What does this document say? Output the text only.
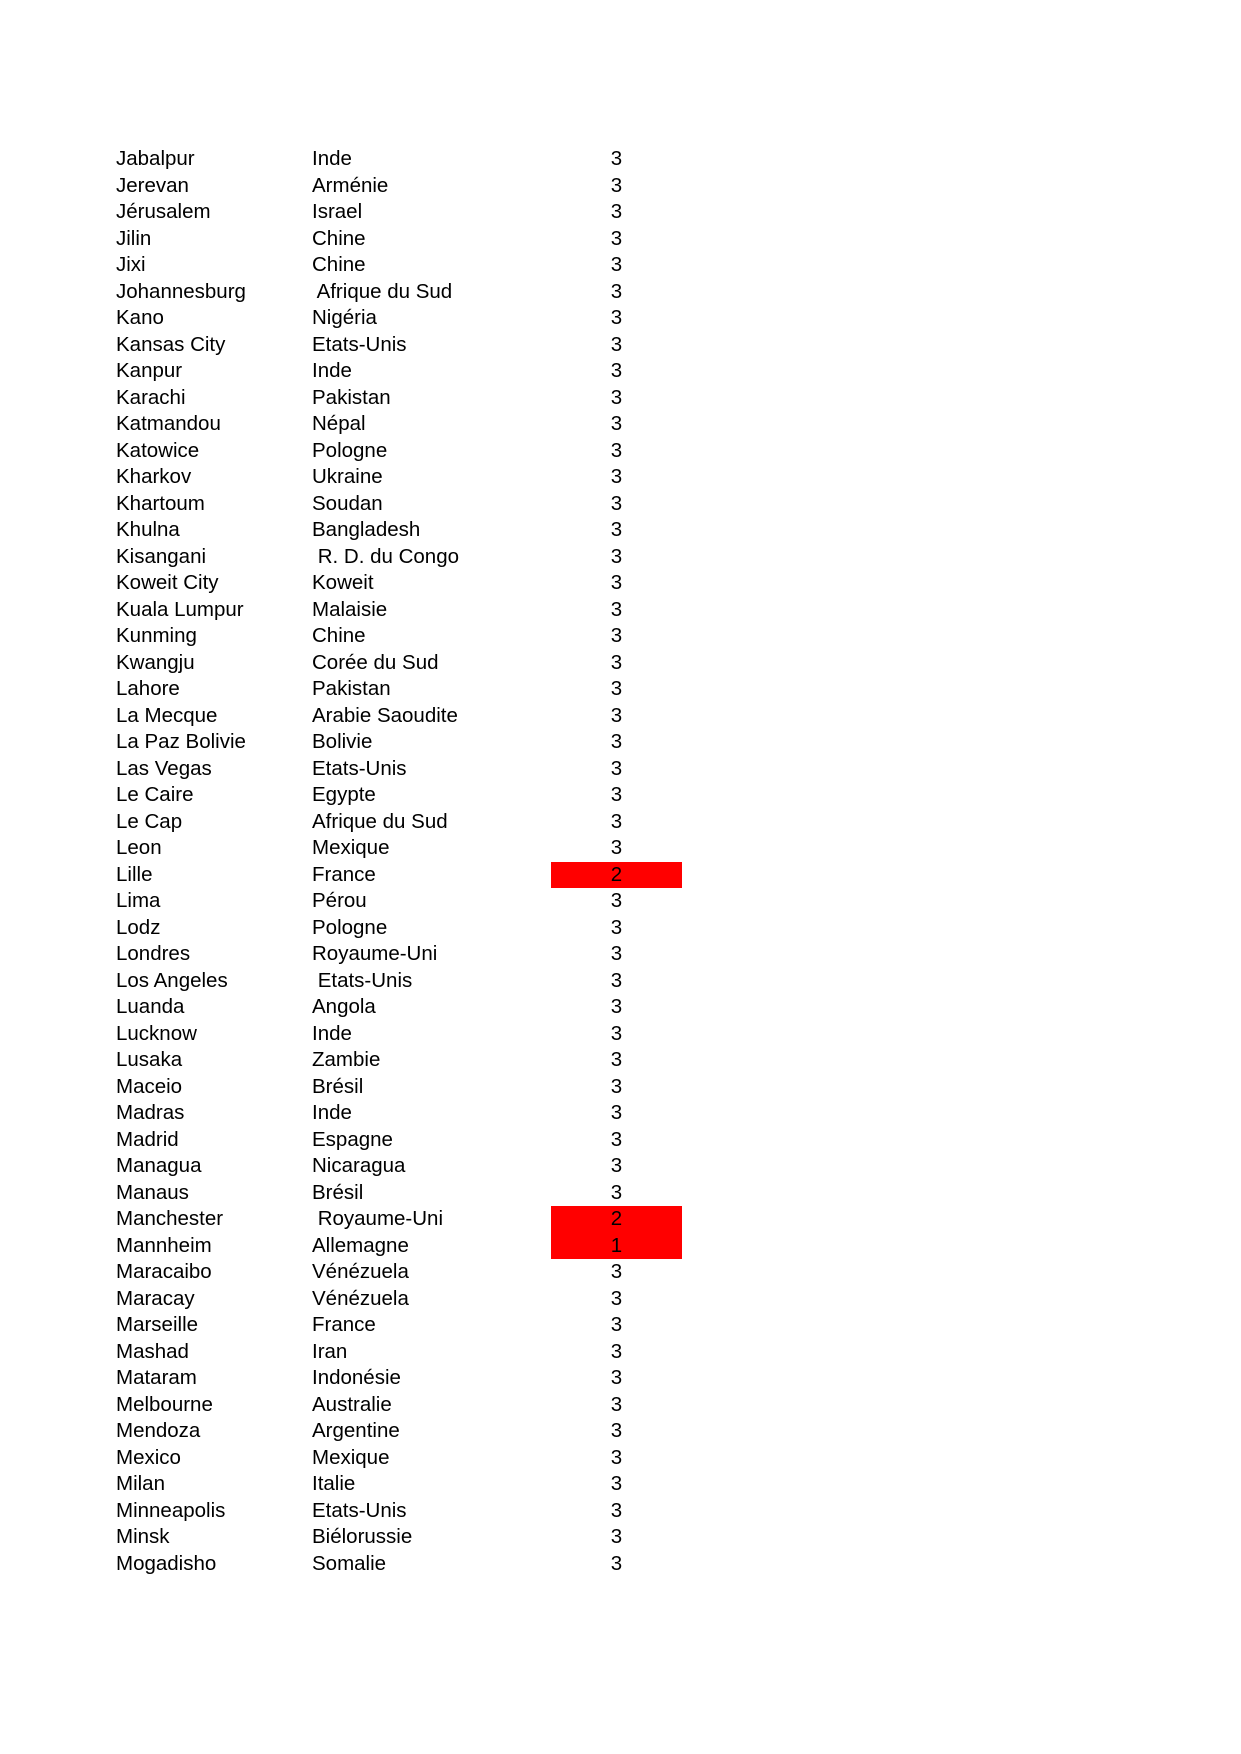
Jabalpur	Inde	3
Jerevan	Arménie	3
Jérusalem	Israel	3
Jilin	Chine	3
Jixi	Chine	3
Johannesburg	Afrique du Sud	3
Kano	Nigéria	3
Kansas City	Etats-Unis	3
Kanpur	Inde	3
Karachi	Pakistan	3
Katmandou	Népal	3
Katowice	Pologne	3
Kharkov	Ukraine	3
Khartoum	Soudan	3
Khulna	Bangladesh	3
Kisangani	R. D. du Congo	3
Koweit City	Koweit	3
Kuala Lumpur	Malaisie	3
Kunming	Chine	3
Kwangju	Corée du Sud	3
Lahore	Pakistan	3
La Mecque	Arabie Saoudite	3
La Paz Bolivie	Bolivie	3
Las Vegas	Etats-Unis	3
Le Caire	Egypte	3
Le Cap	Afrique du Sud	3
Leon	Mexique	3
Lille	France	2
Lima	Pérou	3
Lodz	Pologne	3
Londres	Royaume-Uni	3
Los Angeles	Etats-Unis	3
Luanda	Angola	3
Lucknow	Inde	3
Lusaka	Zambie	3
Maceio	Brésil	3
Madras	Inde	3
Madrid	Espagne	3
Managua	Nicaragua	3
Manaus	Brésil	3
Manchester	Royaume-Uni	2
Mannheim	Allemagne	1
Maracaibo	Vénézuela	3
Maracay	Vénézuela	3
Marseille	France	3
Mashad	Iran	3
Mataram	Indonésie	3
Melbourne	Australie	3
Mendoza	Argentine	3
Mexico	Mexique	3
Milan	Italie	3
Minneapolis	Etats-Unis	3
Minsk	Biélorussie	3
Mogadisho	Somalie	3
